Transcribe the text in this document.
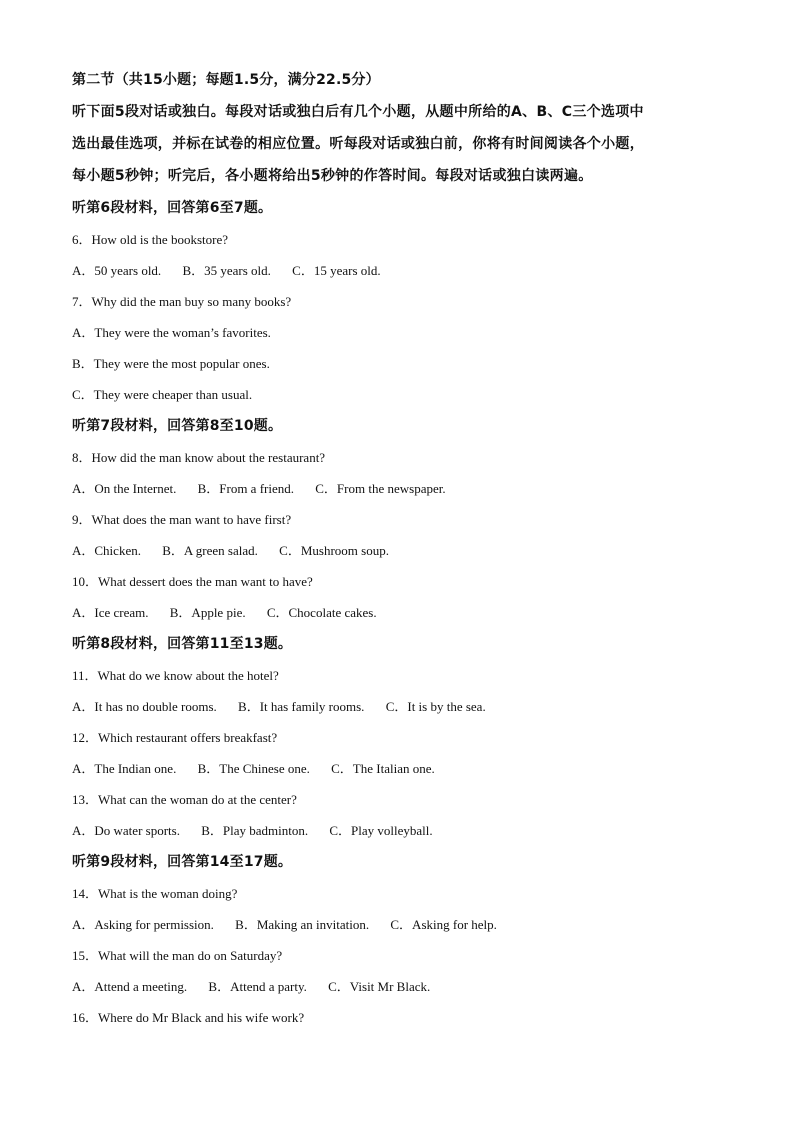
第二节（共15小题；每题1.5分，满分22.5分）

听下面5段对话或独白。每段对话或独白后有几个小题，从题中所给的A、B、C三个选项中

选出最佳选项，并标在试卷的相应位置。听每段对话或独白前，你将有时间阅读各个小题，

每小题5秒钟；听完后，各小题将给出5秒钟的作答时间。每段对话或独白读两遍。

听第6段材料，回答第6至7题。

6．How old is the bookstore?

A．50 years old. B．35 years old. C．15 years old.

7．Why did the man buy so many books?

A．They were the woman’s favorites.

B．They were the most popular ones.

C．They were cheaper than usual.

听第7段材料，回答第8至10题。

8．How did the man know about the restaurant?

A．On the Internet. B．From a friend. C．From the newspaper.

9．What does the man want to have first?

A．Chicken. B．A green salad. C．Mushroom soup.

10．What dessert does the man want to have?

A．Ice cream. B．Apple pie. C．Chocolate cakes.

听第8段材料，回答第11至13题。

11．What do we know about the hotel?

A．It has no double rooms. B．It has family rooms. C．It is by the sea.

12．Which restaurant offers breakfast?

A．The Indian one. B．The Chinese one. C．The Italian one.

13．What can the woman do at the center?

A．Do water sports. B．Play badminton. C．Play volleyball.

听第9段材料，回答第14至17题。

14．What is the woman doing?

A．Asking for permission. B．Making an invitation. C．Asking for help.

15．What will the man do on Saturday?

A．Attend a meeting. B．Attend a party. C．Visit Mr Black.

16．Where do Mr Black and his wife work?
